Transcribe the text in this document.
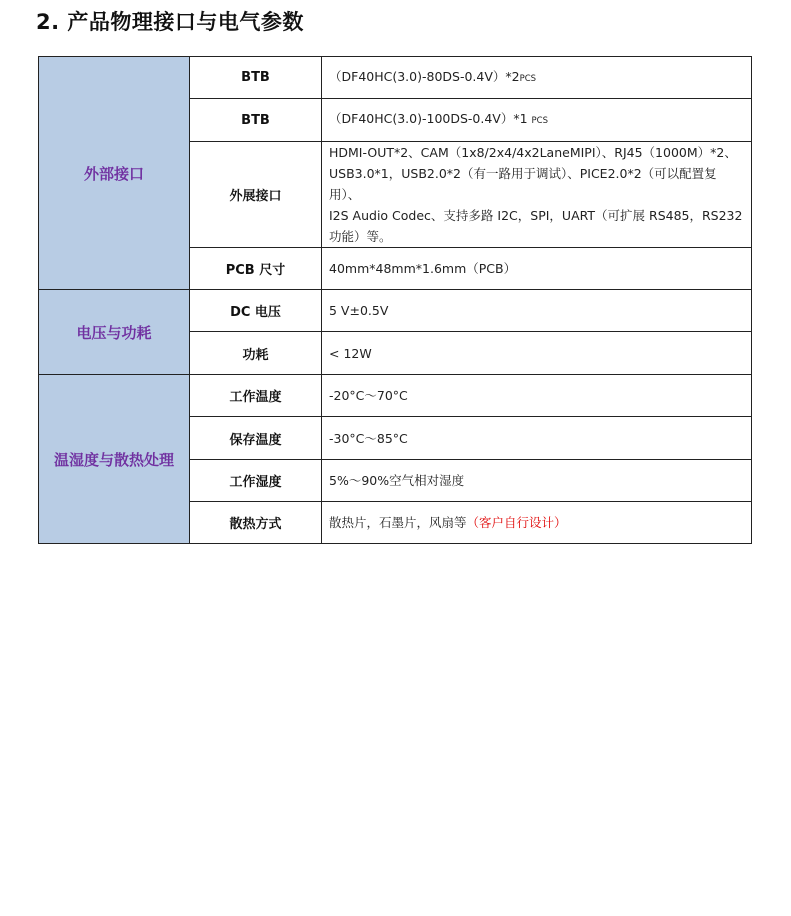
2. 产品物理接口与电气参数
外部接口	BTB	（DF40HC(3.0)-80DS-0.4V）*2PCS
	BTB	（DF40HC(3.0)-100DS-0.4V）*1 PCS
	外展接口	HDMI-OUT*2、CAM（1x8/2x4/4x2LaneMIPI）、RJ45（1000M）*2、
USB3.0*1，USB2.0*2（有一路用于调试）、PICE2.0*2（可以配置复用）、
I2S Audio Codec、支持多路 I2C，SPI，UART（可扩展 RS485，RS232
功能）等。

	PCB 尺寸	40mm*48mm*1.6mm（PCB）
电压与功耗	DC 电压	5 V±0.5V
	功耗	< 12W
温湿度与散热处理	工作温度	-20°C～70°C
	保存温度	-30°C～85°C
	工作湿度	5%～90%空气相对湿度
	散热方式	散热片，石墨片，风扇等（客户自行设计）
